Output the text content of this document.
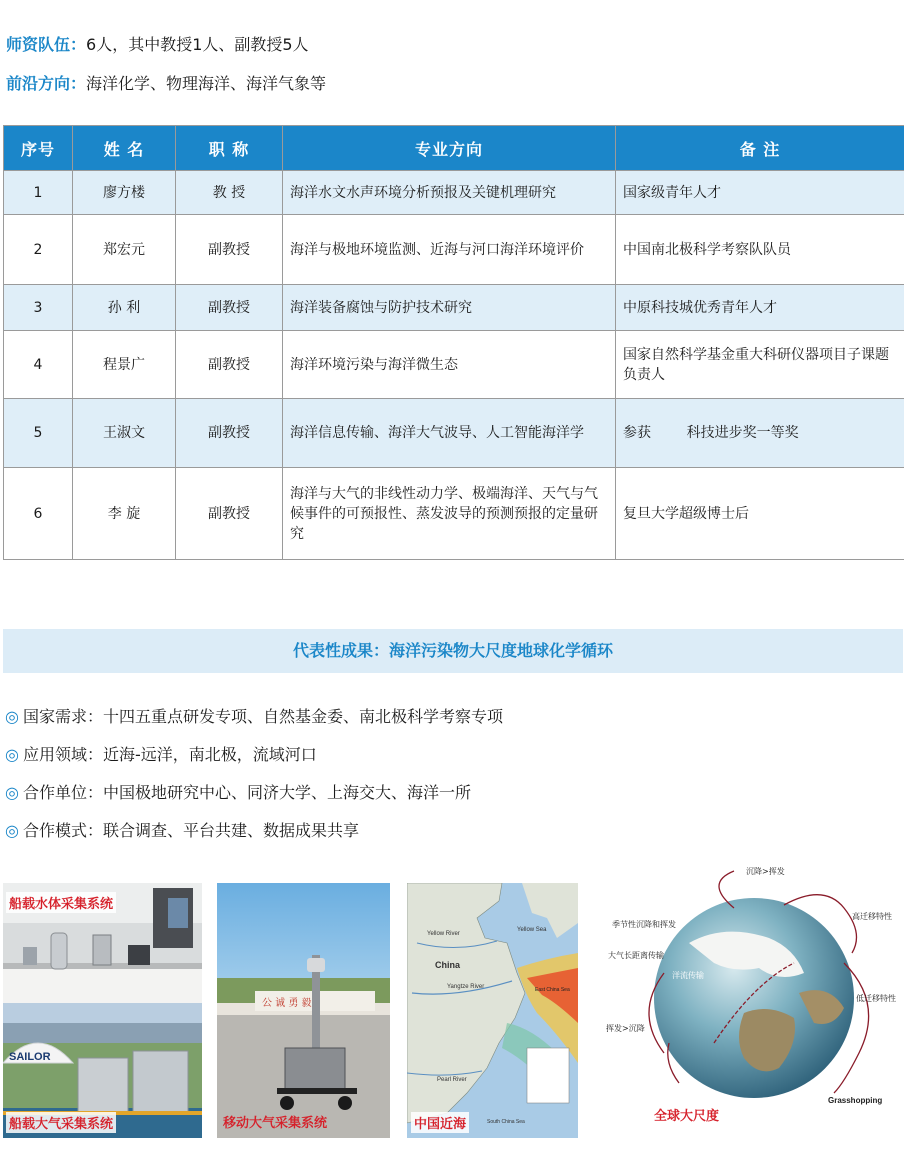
师资队伍：6人，其中教授1人、副教授5人
前沿方向：海洋化学、物理海洋、海洋气象等
序号	姓 名	职 称	专业方向	备 注
1	廖方楼	教 授	海洋水文水声环境分析预报及关键机理研究	国家级青年人才
2	郑宏元	副教授	海洋与极地环境监测、近海与河口海洋环境评价	中国南北极科学考察队队员
3	孙 利	副教授	海洋装备腐蚀与防护技术研究	中原科技城优秀青年人才
4	程景广	副教授	海洋环境污染与海洋微生态	国家自然科学基金重大科研仪器项目子课题负责人
5	王淑文	副教授	海洋信息传输、海洋大气波导、人工智能海洋学	参获        科技进步奖一等奖
6	李 旋	副教授	海洋与大气的非线性动力学、极端海洋、天气与气候事件的可预报性、蒸发波导的预测预报的定量研究	复旦大学超级博士后
代表性成果：海洋污染物大尺度地球化学循环
◎ 国家需求：十四五重点研发专项、自然基金委、南北极科学考察专项
◎ 应用领域：近海-远洋，南北极，流域河口
◎ 合作单位：中国极地研究中心、同济大学、上海交大、海洋一所
◎ 合作模式：联合调查、平台共建、数据成果共享
SAILOR
船载水体采集系统
船载大气采集系统
公 诚 勇 毅
移动大气采集系统
China
Yellow Sea
Yellow River
Yangtze River	East China Sea
Pearl River
South China Sea
中国近海
沉降>挥发
季节性沉降和挥发
高迁移特性
大气长距离传输
洋流传输
低迁移特性
挥发>沉降
Grasshopping
全球大尺度
